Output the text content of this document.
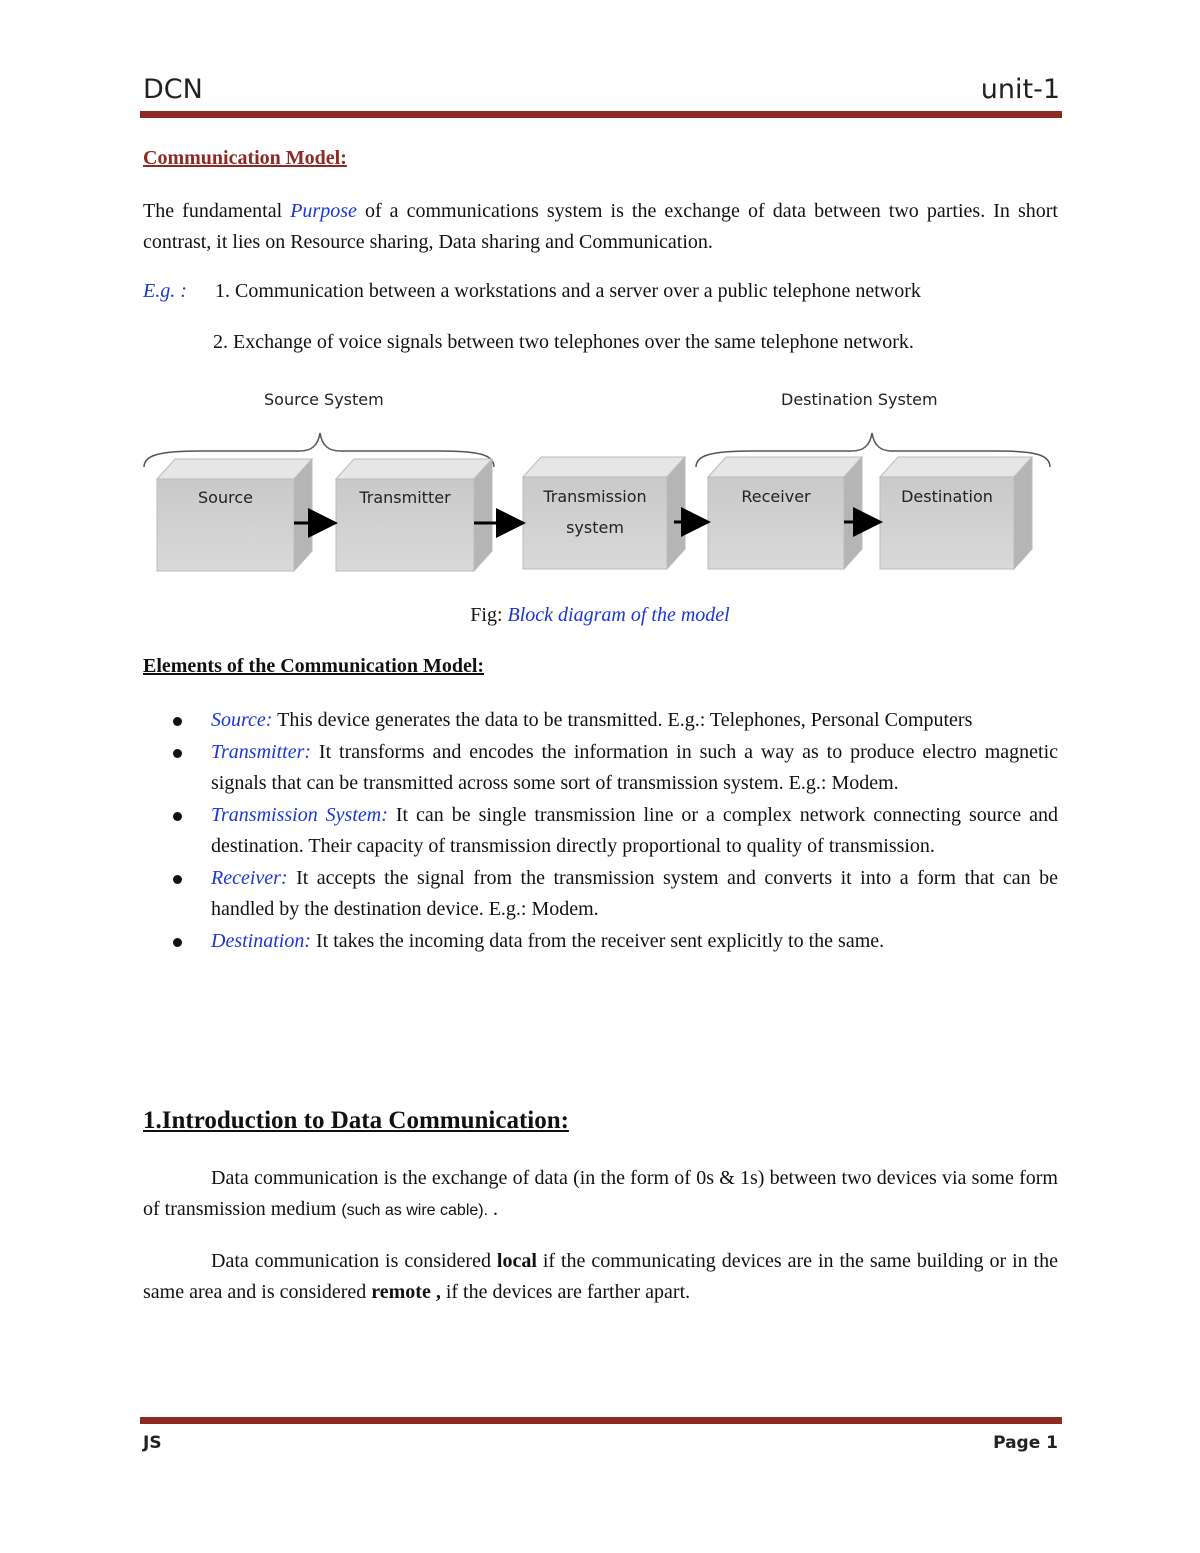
DCN	unit-1

Communication Model:

The fundamental Purpose of a communications system is the exchange of data between two parties. In short contrast, it lies on Resource sharing, Data sharing and Communication.

E.g. : 1. Communication between a workstations and a server over a public telephone network
2. Exchange of voice signals between two telephones over the same telephone network.
Source System	Destination System
Source	Transmitter	Transmission
system
Receiver	Destination
Fig: Block diagram of the model
Elements of the Communication Model:
Source: This device generates the data to be transmitted. E.g.: Telephones, Personal Computers
Transmitter: It transforms and encodes the information in such a way as to produce electro magnetic signals that can be transmitted across some sort of transmission system. E.g.: Modem.
Transmission System: It can be single transmission line or a complex network connecting source and destination. Their capacity of transmission directly proportional to quality of transmission.
Receiver: It accepts the signal from the transmission system and converts it into a form that can be handled by the destination device. E.g.: Modem.
Destination: It takes the incoming data from the receiver sent explicitly to the same.
1.Introduction to Data Communication:

Data communication is the exchange of data (in the form of 0s & 1s) between two devices via some form of transmission medium (such as wire cable). .

Data communication is considered local if the communicating devices are in the same building or in the same area and is considered remote , if the devices are farther apart.

JS	Page 1
